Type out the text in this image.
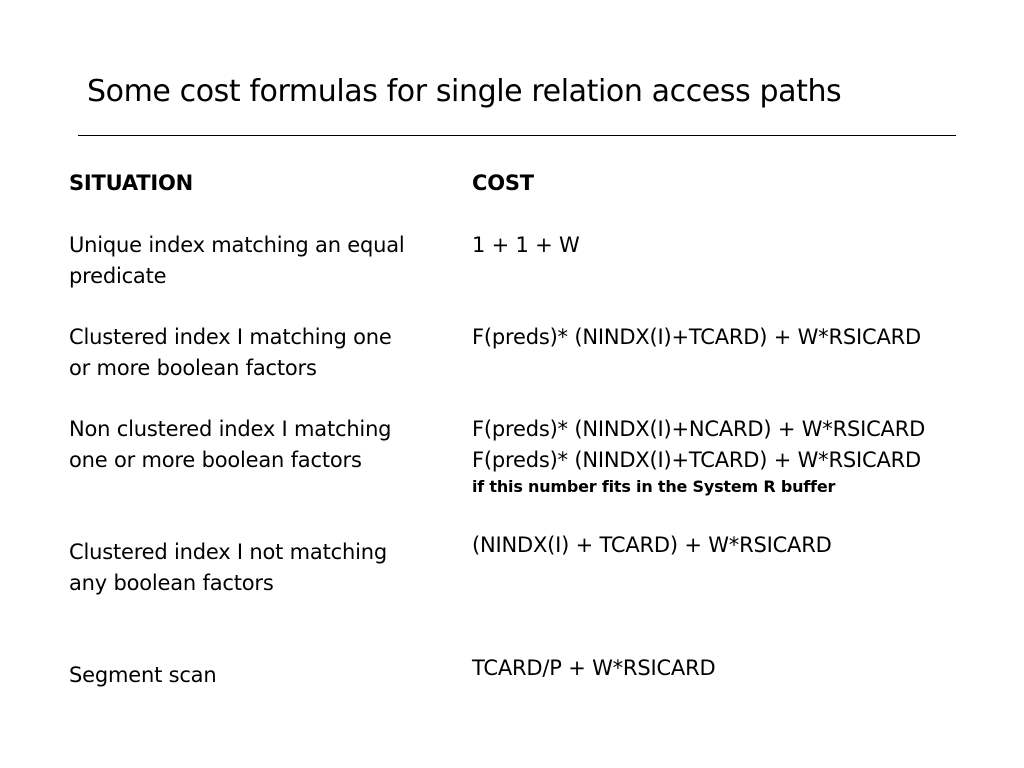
Some cost formulas for single relation access paths
SITUATION	COST
Unique index matching an equal
predicate
1 + 1 + W
Clustered index I matching one
or more boolean factors
F(preds)* (NINDX(I)+TCARD) + W*RSICARD
Non clustered index I matching
one or more boolean factors
F(preds)* (NINDX(I)+NCARD) + W*RSICARD
F(preds)* (NINDX(I)+TCARD) + W*RSICARD
if this number fits in the System R buffer
Clustered index I not matching
any boolean factors
(NINDX(I) + TCARD) + W*RSICARD
Segment scan	TCARD/P + W*RSICARD
